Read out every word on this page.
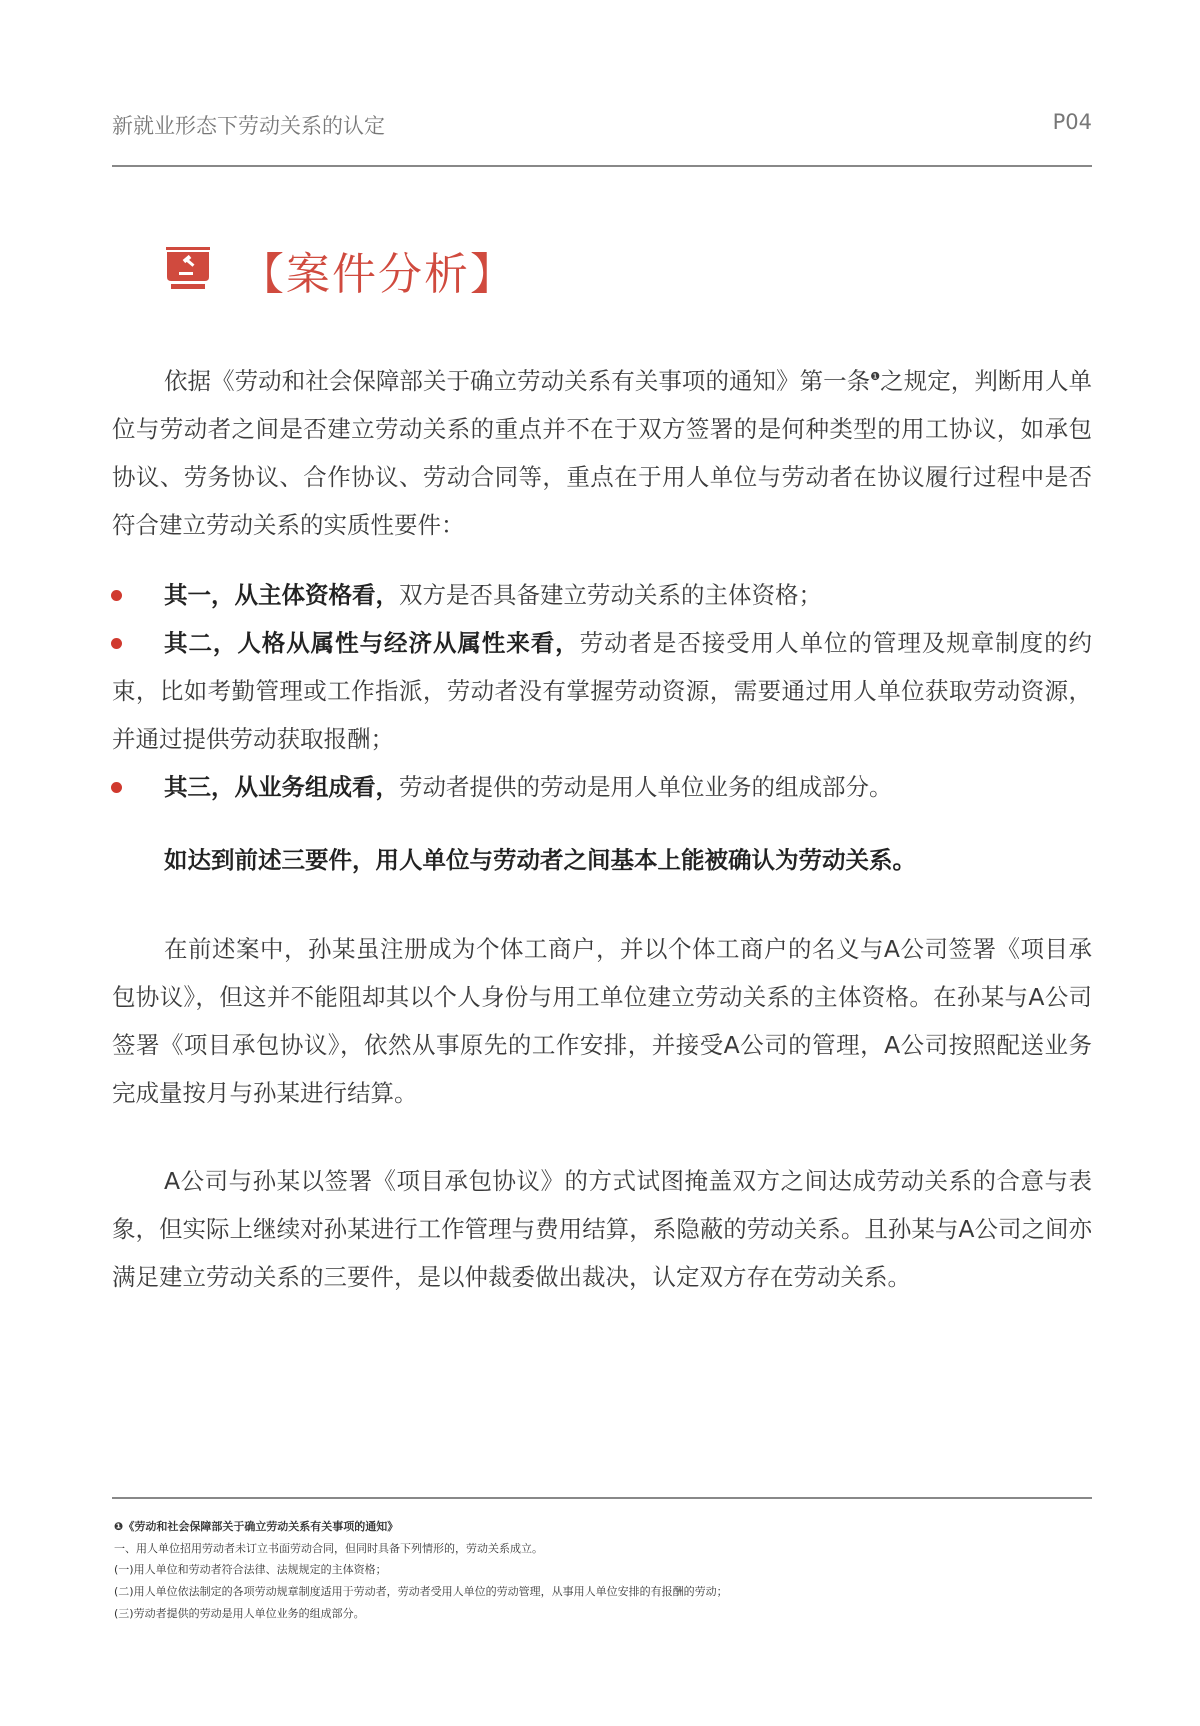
新就业形态下劳动关系的认定	P04
【案件分析】

依据《劳动和社会保障部关于确立劳动关系有关事项的通知》第一条$^❶$之规定，判断用人单位与劳动者之间是否建立劳动关系的重点并不在于双方签署的是何种类型的用工协议，如承包协议、劳务协议、合作协议、劳动合同等，重点在于用人单位与劳动者在协议履行过程中是否符合建立劳动关系的实质性要件：

其一，从主体资格看，双方是否具备建立劳动关系的主体资格；
其二，人格从属性与经济从属性来看，劳动者是否接受用人单位的管理及规章制度的约束，比如考勤管理或工作指派，劳动者没有掌握劳动资源，需要通过用人单位获取劳动资源，并通过提供劳动获取报酬；
其三，从业务组成看，劳动者提供的劳动是用人单位业务的组成部分。

如达到前述三要件，用人单位与劳动者之间基本上能被确认为劳动关系。

在前述案中，孙某虽注册成为个体工商户，并以个体工商户的名义与A公司签署《项目承包协议》，但这并不能阻却其以个人身份与用工单位建立劳动关系的主体资格。在孙某与A公司签署《项目承包协议》，依然从事原先的工作安排，并接受A公司的管理，A公司按照配送业务完成量按月与孙某进行结算。

A公司与孙某以签署《项目承包协议》的方式试图掩盖双方之间达成劳动关系的合意与表象，但实际上继续对孙某进行工作管理与费用结算，系隐蔽的劳动关系。且孙某与A公司之间亦满足建立劳动关系的三要件，是以仲裁委做出裁决，认定双方存在劳动关系。

❶《劳动和社会保障部关于确立劳动关系有关事项的通知》
一、用人单位招用劳动者未订立书面劳动合同，但同时具备下列情形的，劳动关系成立。
(一)用人单位和劳动者符合法律、法规规定的主体资格；
(二)用人单位依法制定的各项劳动规章制度适用于劳动者，劳动者受用人单位的劳动管理，从事用人单位安排的有报酬的劳动；
(三)劳动者提供的劳动是用人单位业务的组成部分。
